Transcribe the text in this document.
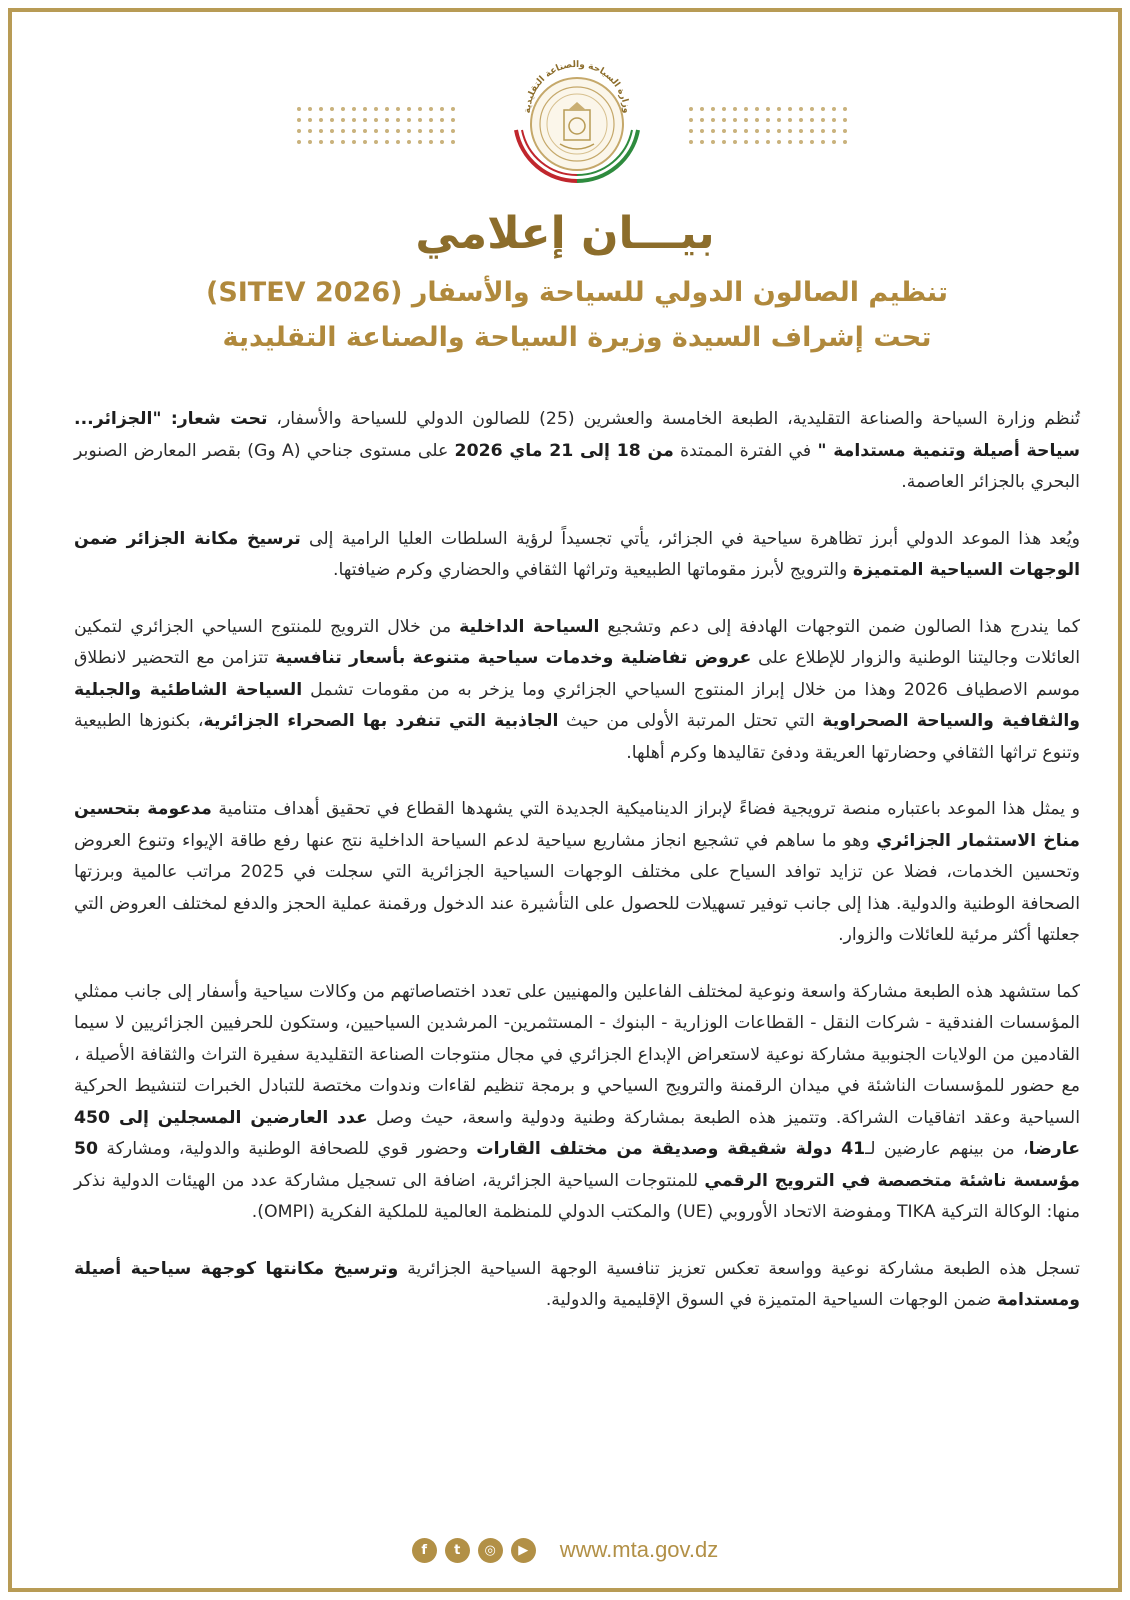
وزارة السياحة والصناعة التقليدية
بيـــان إعلامي
تنظيم الصالون الدولي للسياحة والأسفار (SITEV 2026)
تحت إشراف السيدة وزيرة السياحة والصناعة التقليدية

تُنظم وزارة السياحة والصناعة التقليدية، الطبعة الخامسة والعشرين (25) للصالون الدولي للسياحة والأسفار، تحت شعار: "الجزائر... سياحة أصيلة وتنمية مستدامة " في الفترة الممتدة من 18 إلى 21 ماي 2026 على مستوى جناحي (A وG) بقصر المعارض الصنوبر البحري بالجزائر العاصمة.

ويُعد هذا الموعد الدولي أبرز تظاهرة سياحية في الجزائر، يأتي تجسيداً لرؤية السلطات العليا الرامية إلى ترسيخ مكانة الجزائر ضمن الوجهات السياحية المتميزة والترويج لأبرز مقوماتها الطبيعية وتراثها الثقافي والحضاري وكرم ضيافتها.

كما يندرج هذا الصالون ضمن التوجهات الهادفة إلى دعم وتشجيع السياحة الداخلية من خلال الترويج للمنتوج السياحي الجزائري لتمكين العائلات وجاليتنا الوطنية والزوار للإطلاع على عروض تفاضلية وخدمات سياحية متنوعة بأسعار تنافسية تتزامن مع التحضير لانطلاق موسم الاصطياف 2026 وهذا من خلال إبراز المنتوج السياحي الجزائري وما يزخر به من مقومات تشمل السياحة الشاطئية والجبلية والثقافية والسياحة الصحراوية التي تحتل المرتبة الأولى من حيث الجاذبية التي تنفرد بها الصحراء الجزائرية، بكنوزها الطبيعية وتنوع تراثها الثقافي وحضارتها العريقة ودفئ تقاليدها وكرم أهلها.

و يمثل هذا الموعد باعتباره منصة ترويجية فضاءً لإبراز الديناميكية الجديدة التي يشهدها القطاع في تحقيق أهداف متنامية مدعومة بتحسين مناخ الاستثمار الجزائري وهو ما ساهم في تشجيع انجاز مشاريع سياحية لدعم السياحة الداخلية نتج عنها رفع طاقة الإيواء وتنوع العروض وتحسين الخدمات، فضلا عن تزايد توافد السياح على مختلف الوجهات السياحية الجزائرية التي سجلت في 2025 مراتب عالمية وبرزتها الصحافة الوطنية والدولية. هذا إلى جانب توفير تسهيلات للحصول على التأشيرة عند الدخول ورقمنة عملية الحجز والدفع لمختلف العروض التي جعلتها أكثر مرئية للعائلات والزوار.

كما ستشهد هذه الطبعة مشاركة واسعة ونوعية لمختلف الفاعلين والمهنيين على تعدد اختصاصاتهم من وكالات سياحية وأسفار إلى جانب ممثلي المؤسسات الفندقية - شركات النقل - القطاعات الوزارية - البنوك - المستثمرين- المرشدين السياحيين، وستكون للحرفيين الجزائريين لا سيما القادمين من الولايات الجنوبية مشاركة نوعية لاستعراض الإبداع الجزائري في مجال منتوجات الصناعة التقليدية سفيرة التراث والثقافة الأصيلة ، مع حضور للمؤسسات الناشئة في ميدان الرقمنة والترويج السياحي و برمجة تنظيم لقاءات وندوات مختصة للتبادل الخبرات لتنشيط الحركية السياحية وعقد اتفاقيات الشراكة. وتتميز هذه الطبعة بمشاركة وطنية ودولية واسعة، حيث وصل عدد العارضين المسجلين إلى 450 عارضا، من بينهم عارضين لـ41 دولة شقيقة وصديقة من مختلف القارات وحضور قوي للصحافة الوطنية والدولية، ومشاركة 50 مؤسسة ناشئة متخصصة في الترويج الرقمي للمنتوجات السياحية الجزائرية، اضافة الى تسجيل مشاركة عدد من الهيئات الدولية نذكر منها: الوكالة التركية TIKA ومفوضة الاتحاد الأوروبي (UE) والمكتب الدولي للمنظمة العالمية للملكية الفكرية (OMPI).

تسجل هذه الطبعة مشاركة نوعية وواسعة تعكس تعزيز تنافسية الوجهة السياحية الجزائرية وترسيخ مكانتها كوجهة سياحية أصيلة ومستدامة ضمن الوجهات السياحية المتميزة في السوق الإقليمية والدولية.

f	t	◎	▶	www.mta.gov.dz
